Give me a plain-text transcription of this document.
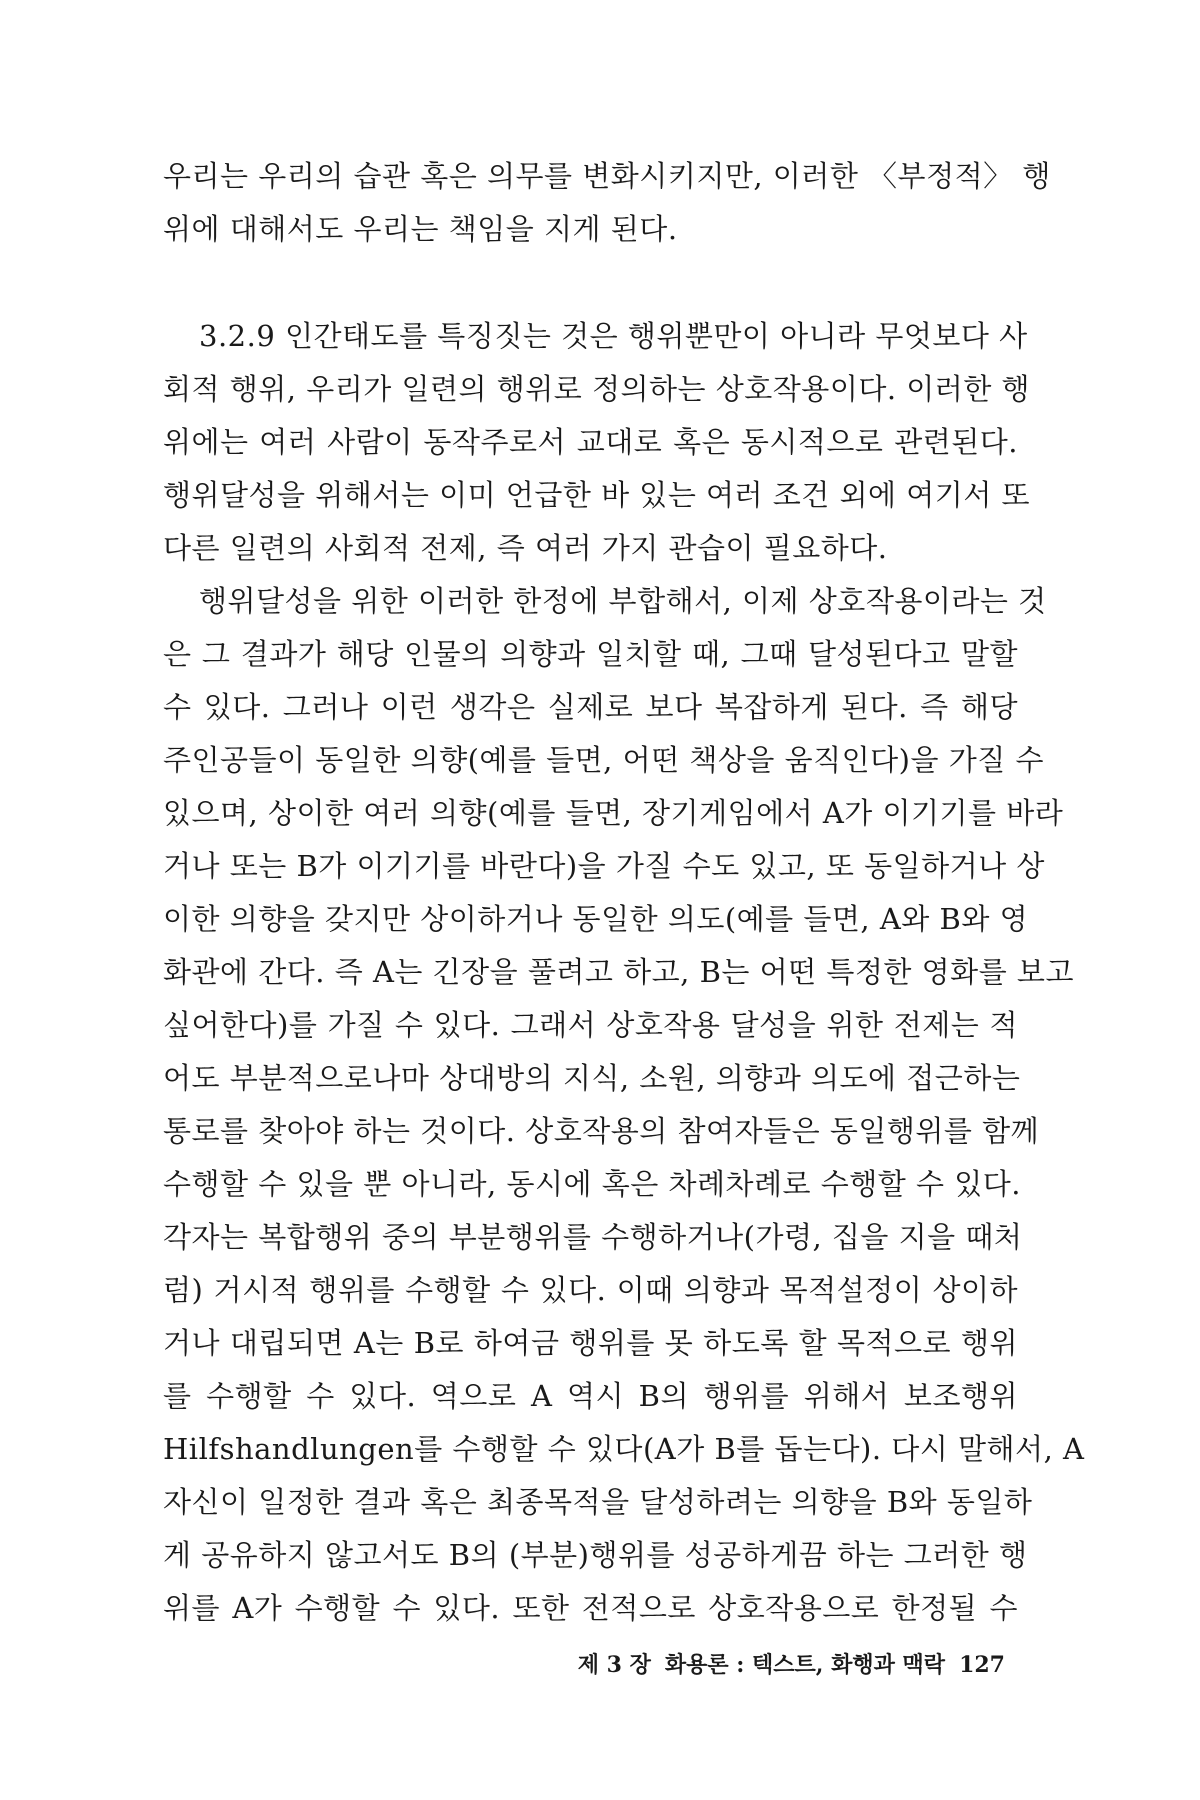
우리는 우리의 습관 혹은 의무를 변화시키지만, 이러한 〈부정적〉 행
위에 대해서도 우리는 책임을 지게 된다.
3.2.9 인간태도를 특징짓는 것은 행위뿐만이 아니라 무엇보다 사
회적 행위, 우리가 일련의 행위로 정의하는 상호작용이다. 이러한 행
위에는 여러 사람이 동작주로서 교대로 혹은 동시적으로 관련된다.
행위달성을 위해서는 이미 언급한 바 있는 여러 조건 외에 여기서 또
다른 일련의 사회적 전제, 즉 여러 가지 관습이 필요하다.
행위달성을 위한 이러한 한정에 부합해서, 이제 상호작용이라는 것
은 그 결과가 해당 인물의 의향과 일치할 때, 그때 달성된다고 말할
수 있다. 그러나 이런 생각은 실제로 보다 복잡하게 된다. 즉 해당
주인공들이 동일한 의향(예를 들면, 어떤 책상을 움직인다)을 가질 수
있으며, 상이한 여러 의향(예를 들면, 장기게임에서 A가 이기기를 바라
거나 또는 B가 이기기를 바란다)을 가질 수도 있고, 또 동일하거나 상
이한 의향을 갖지만 상이하거나 동일한 의도(예를 들면, A와 B와 영
화관에 간다. 즉 A는 긴장을 풀려고 하고, B는 어떤 특정한 영화를 보고
싶어한다)를 가질 수 있다. 그래서 상호작용 달성을 위한 전제는 적
어도 부분적으로나마 상대방의 지식, 소원, 의향과 의도에 접근하는
통로를 찾아야 하는 것이다. 상호작용의 참여자들은 동일행위를 함께
수행할 수 있을 뿐 아니라, 동시에 혹은 차례차례로 수행할 수 있다.
각자는 복합행위 중의 부분행위를 수행하거나(가령, 집을 지을 때처
럼) 거시적 행위를 수행할 수 있다. 이때 의향과 목적설정이 상이하
거나 대립되면 A는 B로 하여금 행위를 못 하도록 할 목적으로 행위
를 수행할 수 있다. 역으로 A 역시 B의 행위를 위해서 보조행위
Hilfshandlungen를 수행할 수 있다(A가 B를 돕는다). 다시 말해서, A
자신이 일정한 결과 혹은 최종목적을 달성하려는 의향을 B와 동일하
게 공유하지 않고서도 B의 (부분)행위를 성공하게끔 하는 그러한 행
위를 A가 수행할 수 있다. 또한 전적으로 상호작용으로 한정될 수
제 3 장 화용론 : 텍스트, 화행과 맥락 127
